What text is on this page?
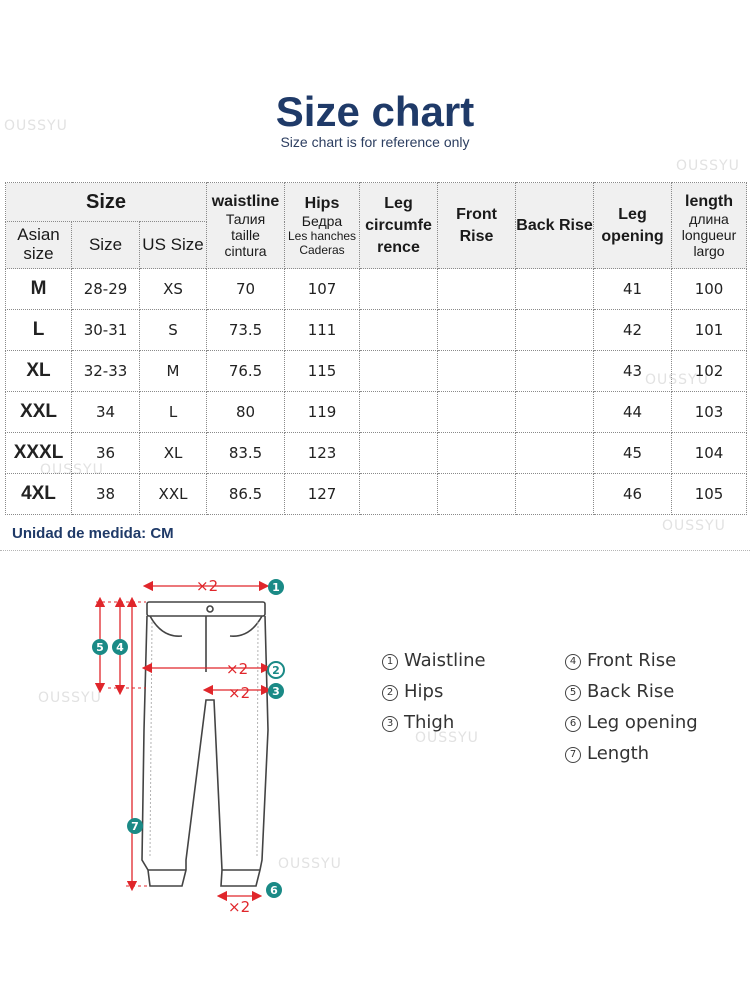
OUSSYU
OUSSYU
OUSSYU
OUSSYU
OUSSYU
OUSSYU
OUSSYU
OUSSYU
Size chart
Size chart is for reference only
Size			waistline
Талия
taille
cintura	Hips
Бедра
Les hanches
Caderas	Leg circumfe rence	Front Rise	Back Rise	Leg opening	length
длина
longueur
largo

Asian size	Size	US Size							
M	28-29	XS	70	107				41	100
L	30-31	S	73.5	111				42	101
XL	32-33	M	76.5	115				43	102
XXL	34	L	80	119				44	103
XXXL	36	XL	83.5	123				45	104
4XL	38	XXL	86.5	127				46	105
Unidad de medida: CM
×2
×2
×2
×2
1
2
3
4
5
6
7
1 Waistline
2 Hips
3 Thigh
4 Front Rise
5 Back Rise
6 Leg opening
7 Length
